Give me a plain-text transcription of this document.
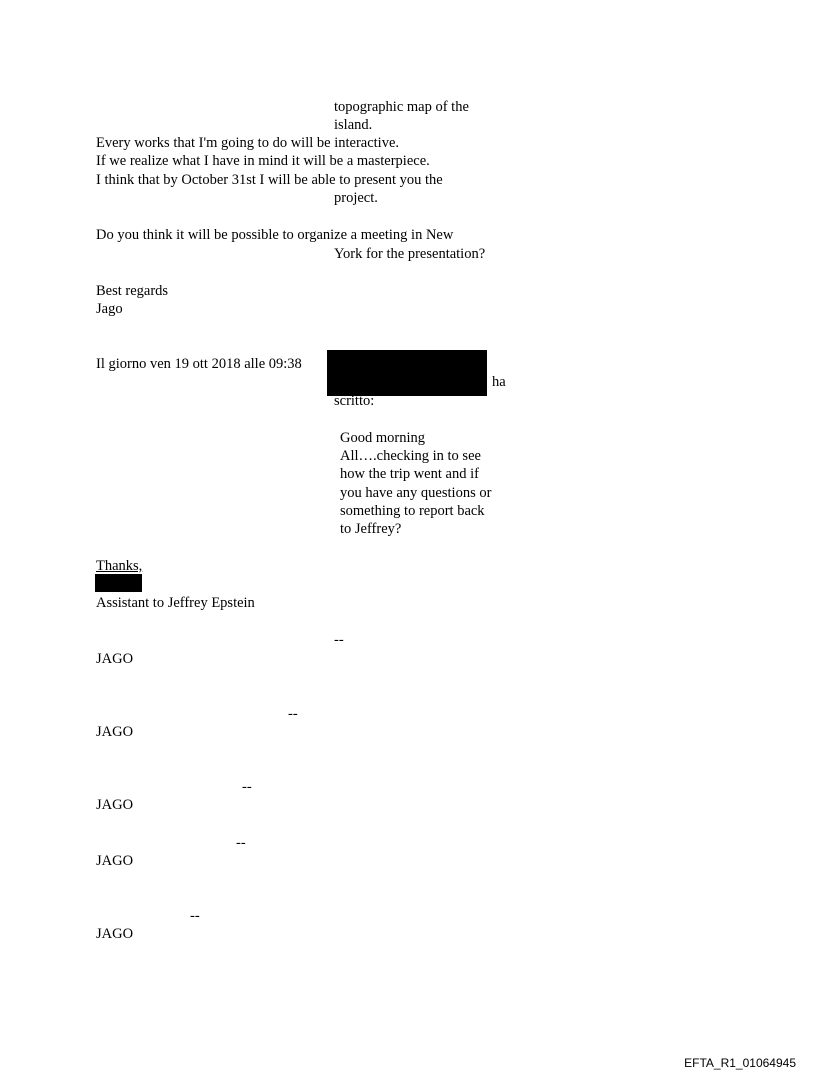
topographic map of the
island.
Every works that I'm going to do will be interactive.
If we realize what I have in mind it will be a masterpiece.
I think that by October 31st I will be able to present you the
project.
Do you think it will be possible to organize a meeting in New
York for the presentation?
Best regards
Jago
Il giorno ven 19 ott 2018 alle 09:38
ha
scritto:
Good morning
All….checking in to see
how the trip went and if
you have any questions or
something to report back
to Jeffrey?
Thanks,
Assistant to Jeffrey Epstein
--
JAGO
--
JAGO
--
JAGO
--
JAGO
--
JAGO
EFTA_R1_01064945
